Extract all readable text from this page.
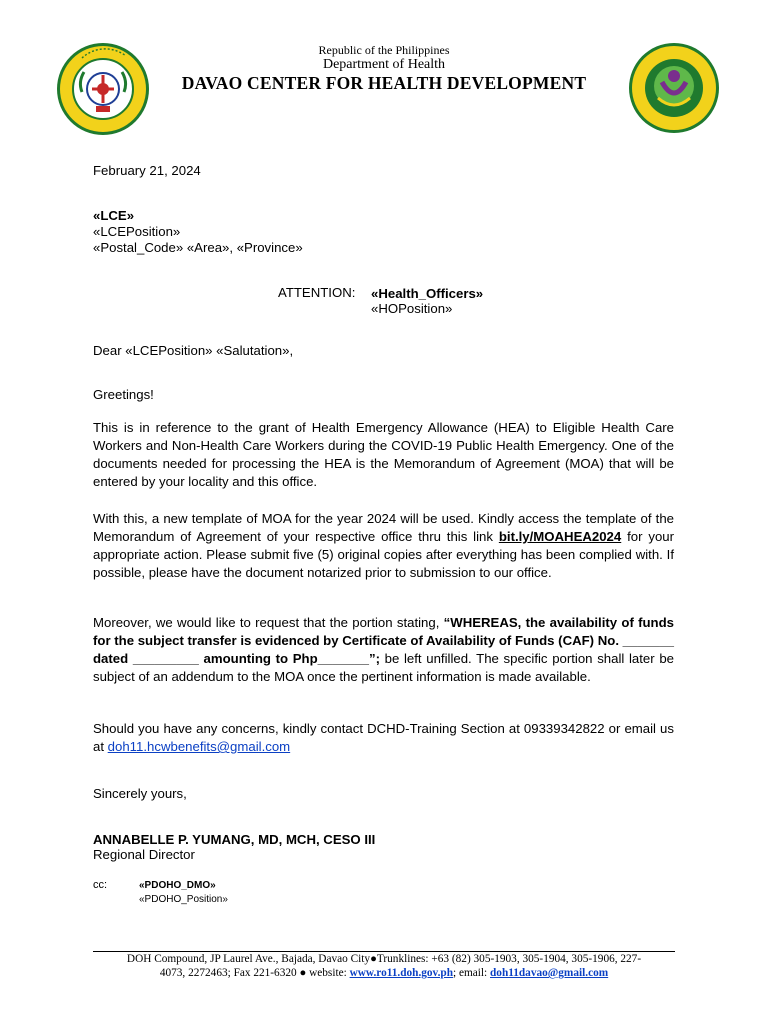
Republic of the Philippines
Department of Health
DAVAO CENTER FOR HEALTH DEVELOPMENT
February 21, 2024
«LCE»
«LCEPosition»
«Postal_Code» «Area», «Province»
ATTENTION: «Health_Officers»
«HOPosition»
Dear «LCEPosition» «Salutation»,
Greetings!
This is in reference to the grant of Health Emergency Allowance (HEA) to Eligible Health Care Workers and Non-Health Care Workers during the COVID-19 Public Health Emergency. One of the documents needed for processing the HEA is the Memorandum of Agreement (MOA) that will be entered by your locality and this office.
With this, a new template of MOA for the year 2024 will be used. Kindly access the template of the Memorandum of Agreement of your respective office thru this link bit.ly/MOAHEA2024 for your appropriate action. Please submit five (5) original copies after everything has been complied with. If possible, please have the document notarized prior to submission to our office.
Moreover, we would like to request that the portion stating, “WHEREAS, the availability of funds for the subject transfer is evidenced by Certificate of Availability of Funds (CAF) No. _______ dated _________ amounting to Php_______”; be left unfilled. The specific portion shall later be subject of an addendum to the MOA once the pertinent information is made available.
Should you have any concerns, kindly contact DCHD-Training Section at 09339342822 or email us at doh11.hcwbenefits@gmail.com
Sincerely yours,
ANNABELLE P. YUMANG, MD, MCH, CESO III
Regional Director
cc:	«PDOHO_DMO»
«PDOHO_Position»
DOH Compound, JP Laurel Ave., Bajada, Davao City●Trunklines: +63 (82) 305-1903, 305-1904, 305-1906, 227-
4073, 2272463; Fax 221-6320 ● website: www.ro11.doh.gov.ph; email: doh11davao@gmail.com
